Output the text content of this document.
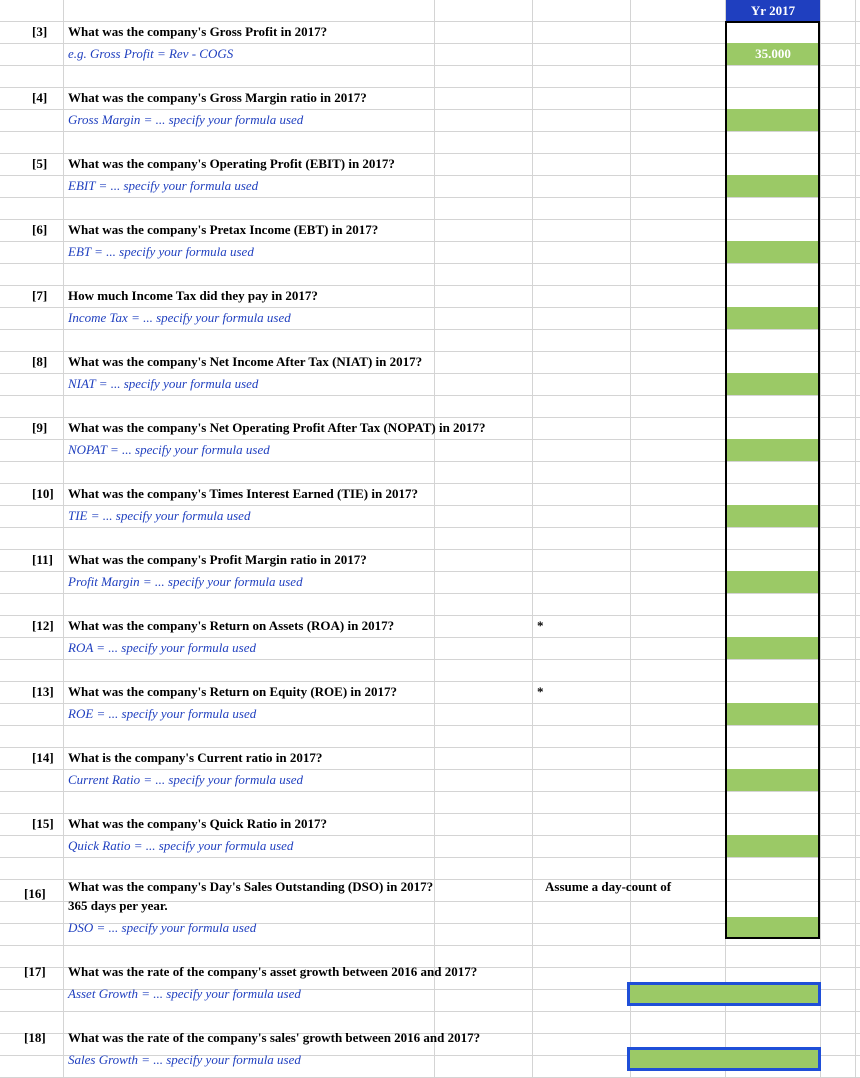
Yr 2017
[3] What was the company's Gross Profit in 2017?
e.g. Gross Profit = Rev - COGS	35.000
[4] What was the company's Gross Margin ratio in 2017?
Gross Margin = ... specify your formula used
[5] What was the company's Operating Profit (EBIT) in 2017?
EBIT = ... specify your formula used
[6] What was the company's Pretax Income (EBT) in 2017?
EBT = ... specify your formula used
[7] How much Income Tax did they pay in 2017?
Income Tax = ... specify your formula used
[8] What was the company's Net Income After Tax (NIAT) in 2017?
NIAT = ... specify your formula used
[9] What was the company's Net Operating Profit After Tax (NOPAT) in 2017?
NOPAT = ... specify your formula used
[10] What was the company's Times Interest Earned (TIE) in 2017?
TIE = ... specify your formula used
[11] What was the company's Profit Margin ratio in 2017?
Profit Margin = ... specify your formula used
[12] What was the company's Return on Assets (ROA) in 2017?
ROA = ... specify your formula used
*
[13] What was the company's Return on Equity (ROE) in 2017?
ROE = ... specify your formula used
*
[14] What is the company's Current ratio in 2017?
Current Ratio = ... specify your formula used
[15] What was the company's Quick Ratio in 2017?
Quick Ratio = ... specify your formula used
[16] What was the company's Day's Sales Outstanding (DSO) in 2017?	Assume a day-count of
365 days per year.
DSO = ... specify your formula used
[17] What was the rate of the company's asset growth between 2016 and 2017?
Asset Growth = ... specify your formula used
[18] What was the rate of the company's sales' growth between 2016 and 2017?
Sales Growth = ... specify your formula used
